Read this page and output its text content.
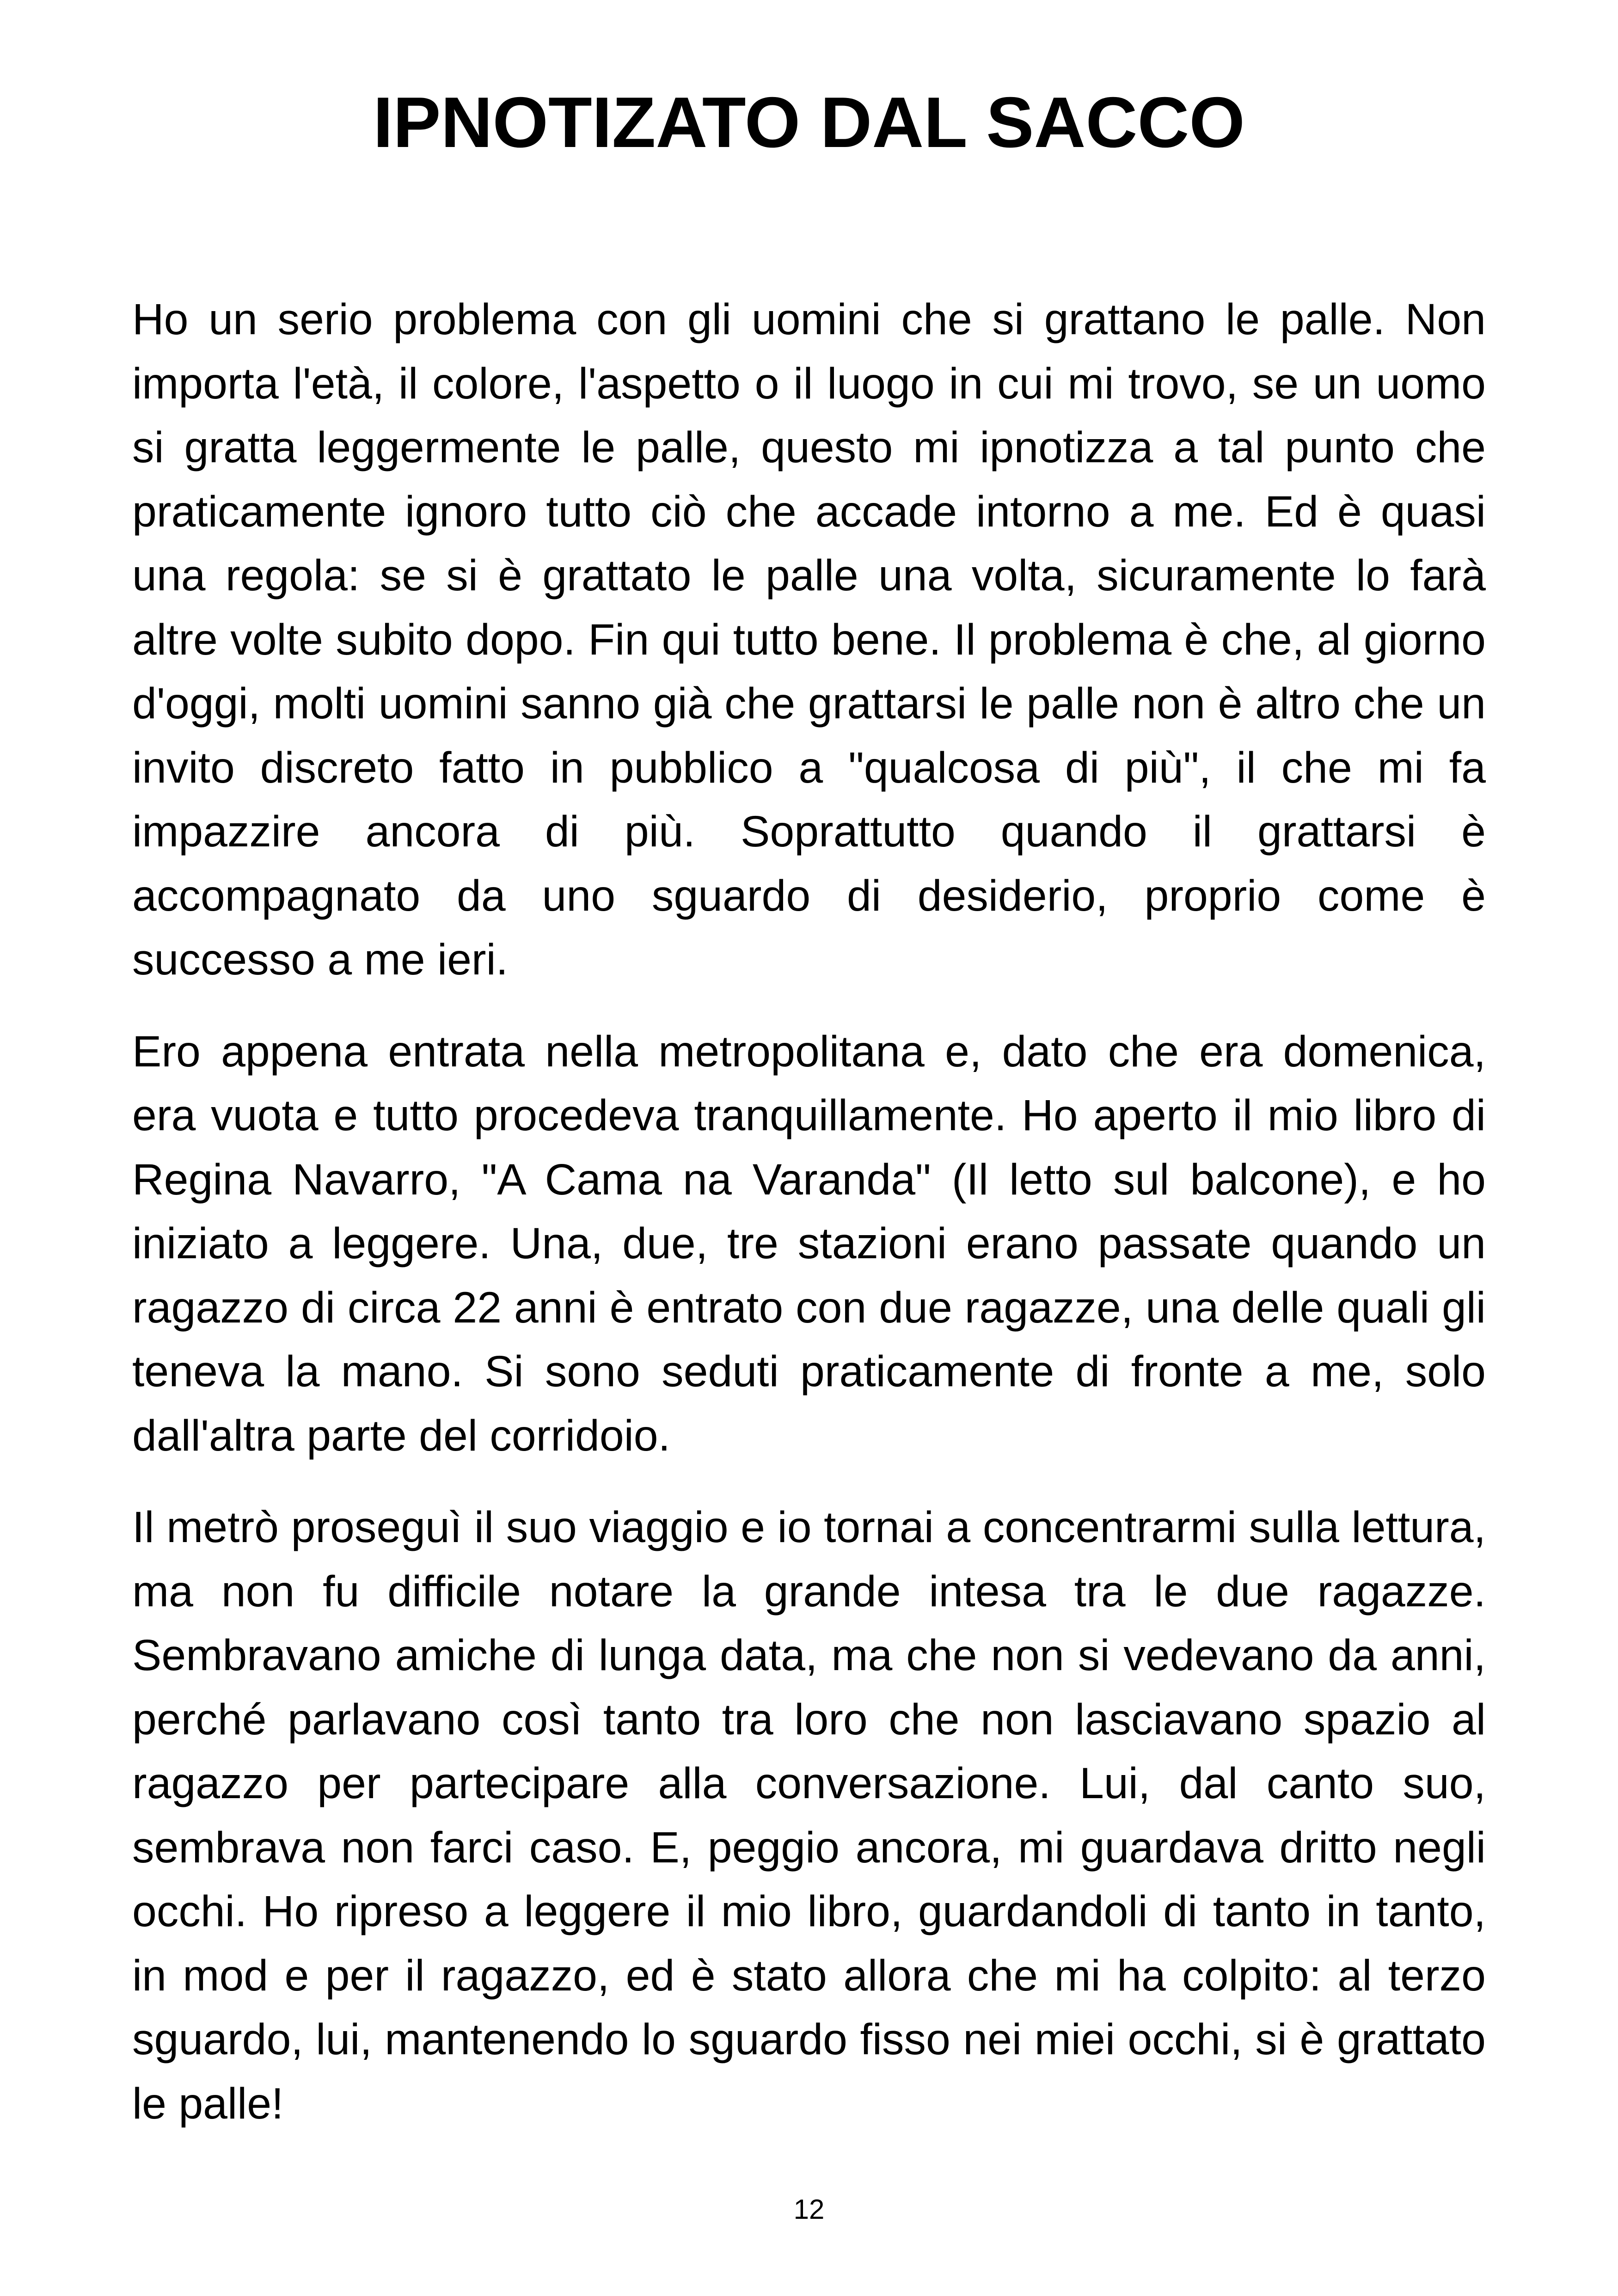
IPNOTIZATO DAL SACCO

Ho un serio problema con gli uomini che si grattano le palle. Non importa l'età, il colore, l'aspetto o il luogo in cui mi trovo, se un uomo si gratta leggermente le palle, questo mi ipnotizza a tal punto che praticamente ignoro tutto ciò che accade intorno a me. Ed è quasi una regola: se si è grattato le palle una volta, sicuramente lo farà altre volte subito dopo. Fin qui tutto bene. Il problema è che, al giorno d'oggi, molti uomini sanno già che grattarsi le palle non è altro che un invito discreto fatto in pubblico a "qualcosa di più", il che mi fa impazzire ancora di più. Soprattutto quando il grattarsi è accompagnato da uno sguardo di desiderio, proprio come è successo a me ieri.

Ero appena entrata nella metropolitana e, dato che era domenica, era vuota e tutto procedeva tranquillamente. Ho aperto il mio libro di Regina Navarro, "A Cama na Varanda" (Il letto sul balcone), e ho iniziato a leggere. Una, due, tre stazioni erano passate quando un ragazzo di circa 22 anni è entrato con due ragazze, una delle quali gli teneva la mano. Si sono seduti praticamente di fronte a me, solo dall'altra parte del corridoio.

Il metrò proseguì il suo viaggio e io tornai a concentrarmi sulla lettura, ma non fu difficile notare la grande intesa tra le due ragazze. Sembravano amiche di lunga data, ma che non si vedevano da anni, perché parlavano così tanto tra loro che non lasciavano spazio al ragazzo per partecipare alla conversazione. Lui, dal canto suo, sembrava non farci caso. E, peggio ancora, mi guardava dritto negli occhi. Ho ripreso a leggere il mio libro, guardandoli di tanto in tanto, in mod e per il ragazzo, ed è stato allora che mi ha colpito: al terzo sguardo, lui, mantenendo lo sguardo fisso nei miei occhi, si è grattato le palle!

12
